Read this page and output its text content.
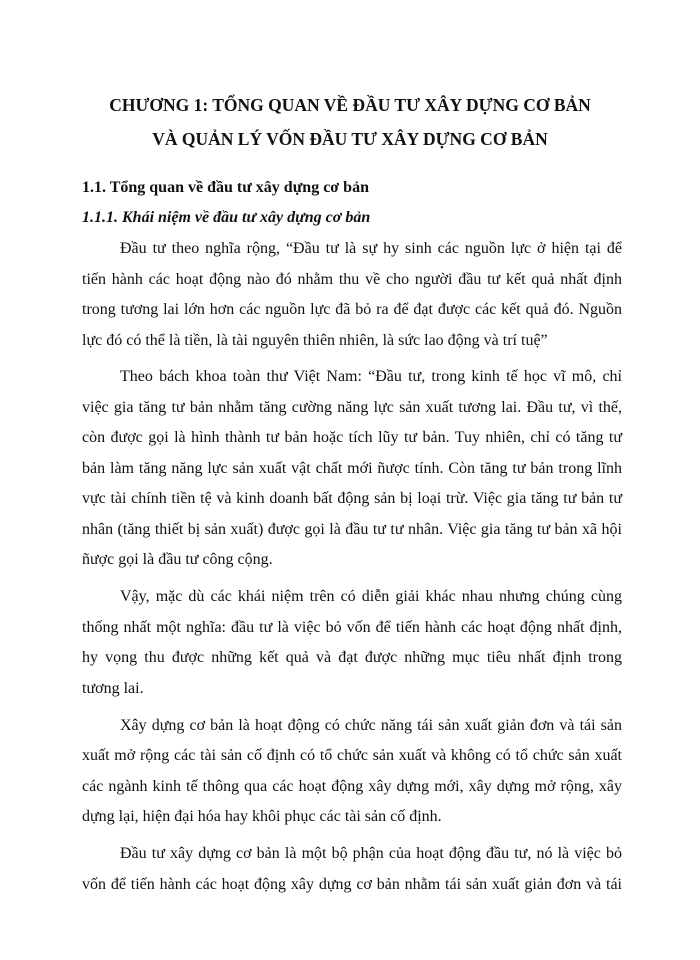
CHƯƠNG 1: TỔNG QUAN VỀ ĐẦU TƯ XÂY DỰNG CƠ BẢN
VÀ QUẢN LÝ VỐN ĐẦU TƯ XÂY DỰNG CƠ BẢN
1.1. Tổng quan về đầu tư xây dựng cơ bản
1.1.1. Khái niệm về đầu tư xây dựng cơ bản

Đầu tư theo nghĩa rộng, “Đầu tư là sự hy sinh các nguồn lực ở hiện tại để
tiến hành các hoạt động nào đó nhằm thu về cho người đầu tư kết quả nhất định
trong tương lai lớn hơn các nguồn lực đã bỏ ra để đạt được các kết quả đó. Nguồn
lực đó có thể là tiền, là tài nguyên thiên nhiên, là sức lao động và trí tuệ”

Theo bách khoa toàn thư Việt Nam: “Đầu tư, trong kinh tế học vĩ mô, chỉ
việc gia tăng tư bản nhằm tăng cường năng lực sản xuất tương lai. Đầu tư, vì thế,
còn được gọi là hình thành tư bản hoặc tích lũy tư bản. Tuy nhiên, chỉ có tăng tư
bản làm tăng năng lực sản xuất vật chất mới ñược tính. Còn tăng tư bản trong lĩnh
vực tài chính tiền tệ và kinh doanh bất động sản bị loại trừ. Việc gia tăng tư bản tư
nhân (tăng thiết bị sản xuất) được gọi là đầu tư tư nhân. Việc gia tăng tư bản xã hội
ñược gọi là đầu tư công cộng.

Vậy, mặc dù các khái niệm trên có diễn giải khác nhau nhưng chúng cùng
thống nhất một nghĩa: đầu tư là việc bỏ vốn để tiến hành các hoạt động nhất định,
hy vọng thu được những kết quả và đạt được những mục tiêu nhất định trong
tương lai.

Xây dựng cơ bản là hoạt động có chức năng tái sản xuất giản đơn và tái sản
xuất mở rộng các tài sản cố định có tổ chức sản xuất và không có tổ chức sản xuất
các ngành kinh tế thông qua các hoạt động xây dựng mới, xây dựng mở rộng, xây
dựng lại, hiện đại hóa hay khôi phục các tài sản cố định.

Đầu tư xây dựng cơ bản là một bộ phận của hoạt động đầu tư, nó là việc bỏ
vốn để tiến hành các hoạt động xây dựng cơ bản nhằm tái sản xuất giản đơn và tái
